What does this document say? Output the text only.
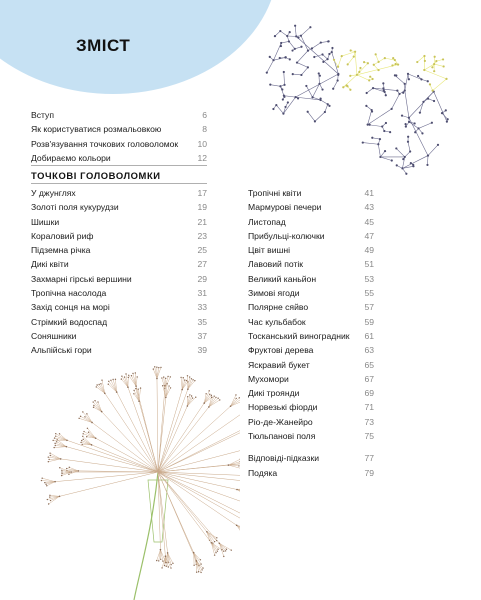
ЗМІСТ
Вступ	6
Як користуватися розмальовкою	8
Розв'язування точкових головоломок 10
Добираємо кольори	12
ТОЧКОВІ ГОЛОВОЛОМКИ
У джунглях	17
Золоті поля кукурудзи	19
Шишки	21
Кораловий риф	23
Підземна річка	25
Дикі квіти	27
Захмарні гірські вершини	29
Тропічна насолода	31
Захід сонця на морі	33
Стрімкий водоспад	35
Соняшники	37
Альпійські гори	39
Тропічні квіти	41
Мармурові печери	43
Листопад	45
Прибульці-колючки	47
Цвіт вишні	49
Лавовий потік	51
Великий каньйон	53
Зимові ягоди	55
Полярне сяйво	57
Час кульбабок	59
Тосканський виноградник 61
Фруктові дерева	63
Яскравий букет	65
Мухомори	67
Дикі троянди	69
Норвезькі фіорди	71
Ріо-де-Жанейро	73
Тюльпанові поля	75
Відповіді-підказки	77
Подяка	79
